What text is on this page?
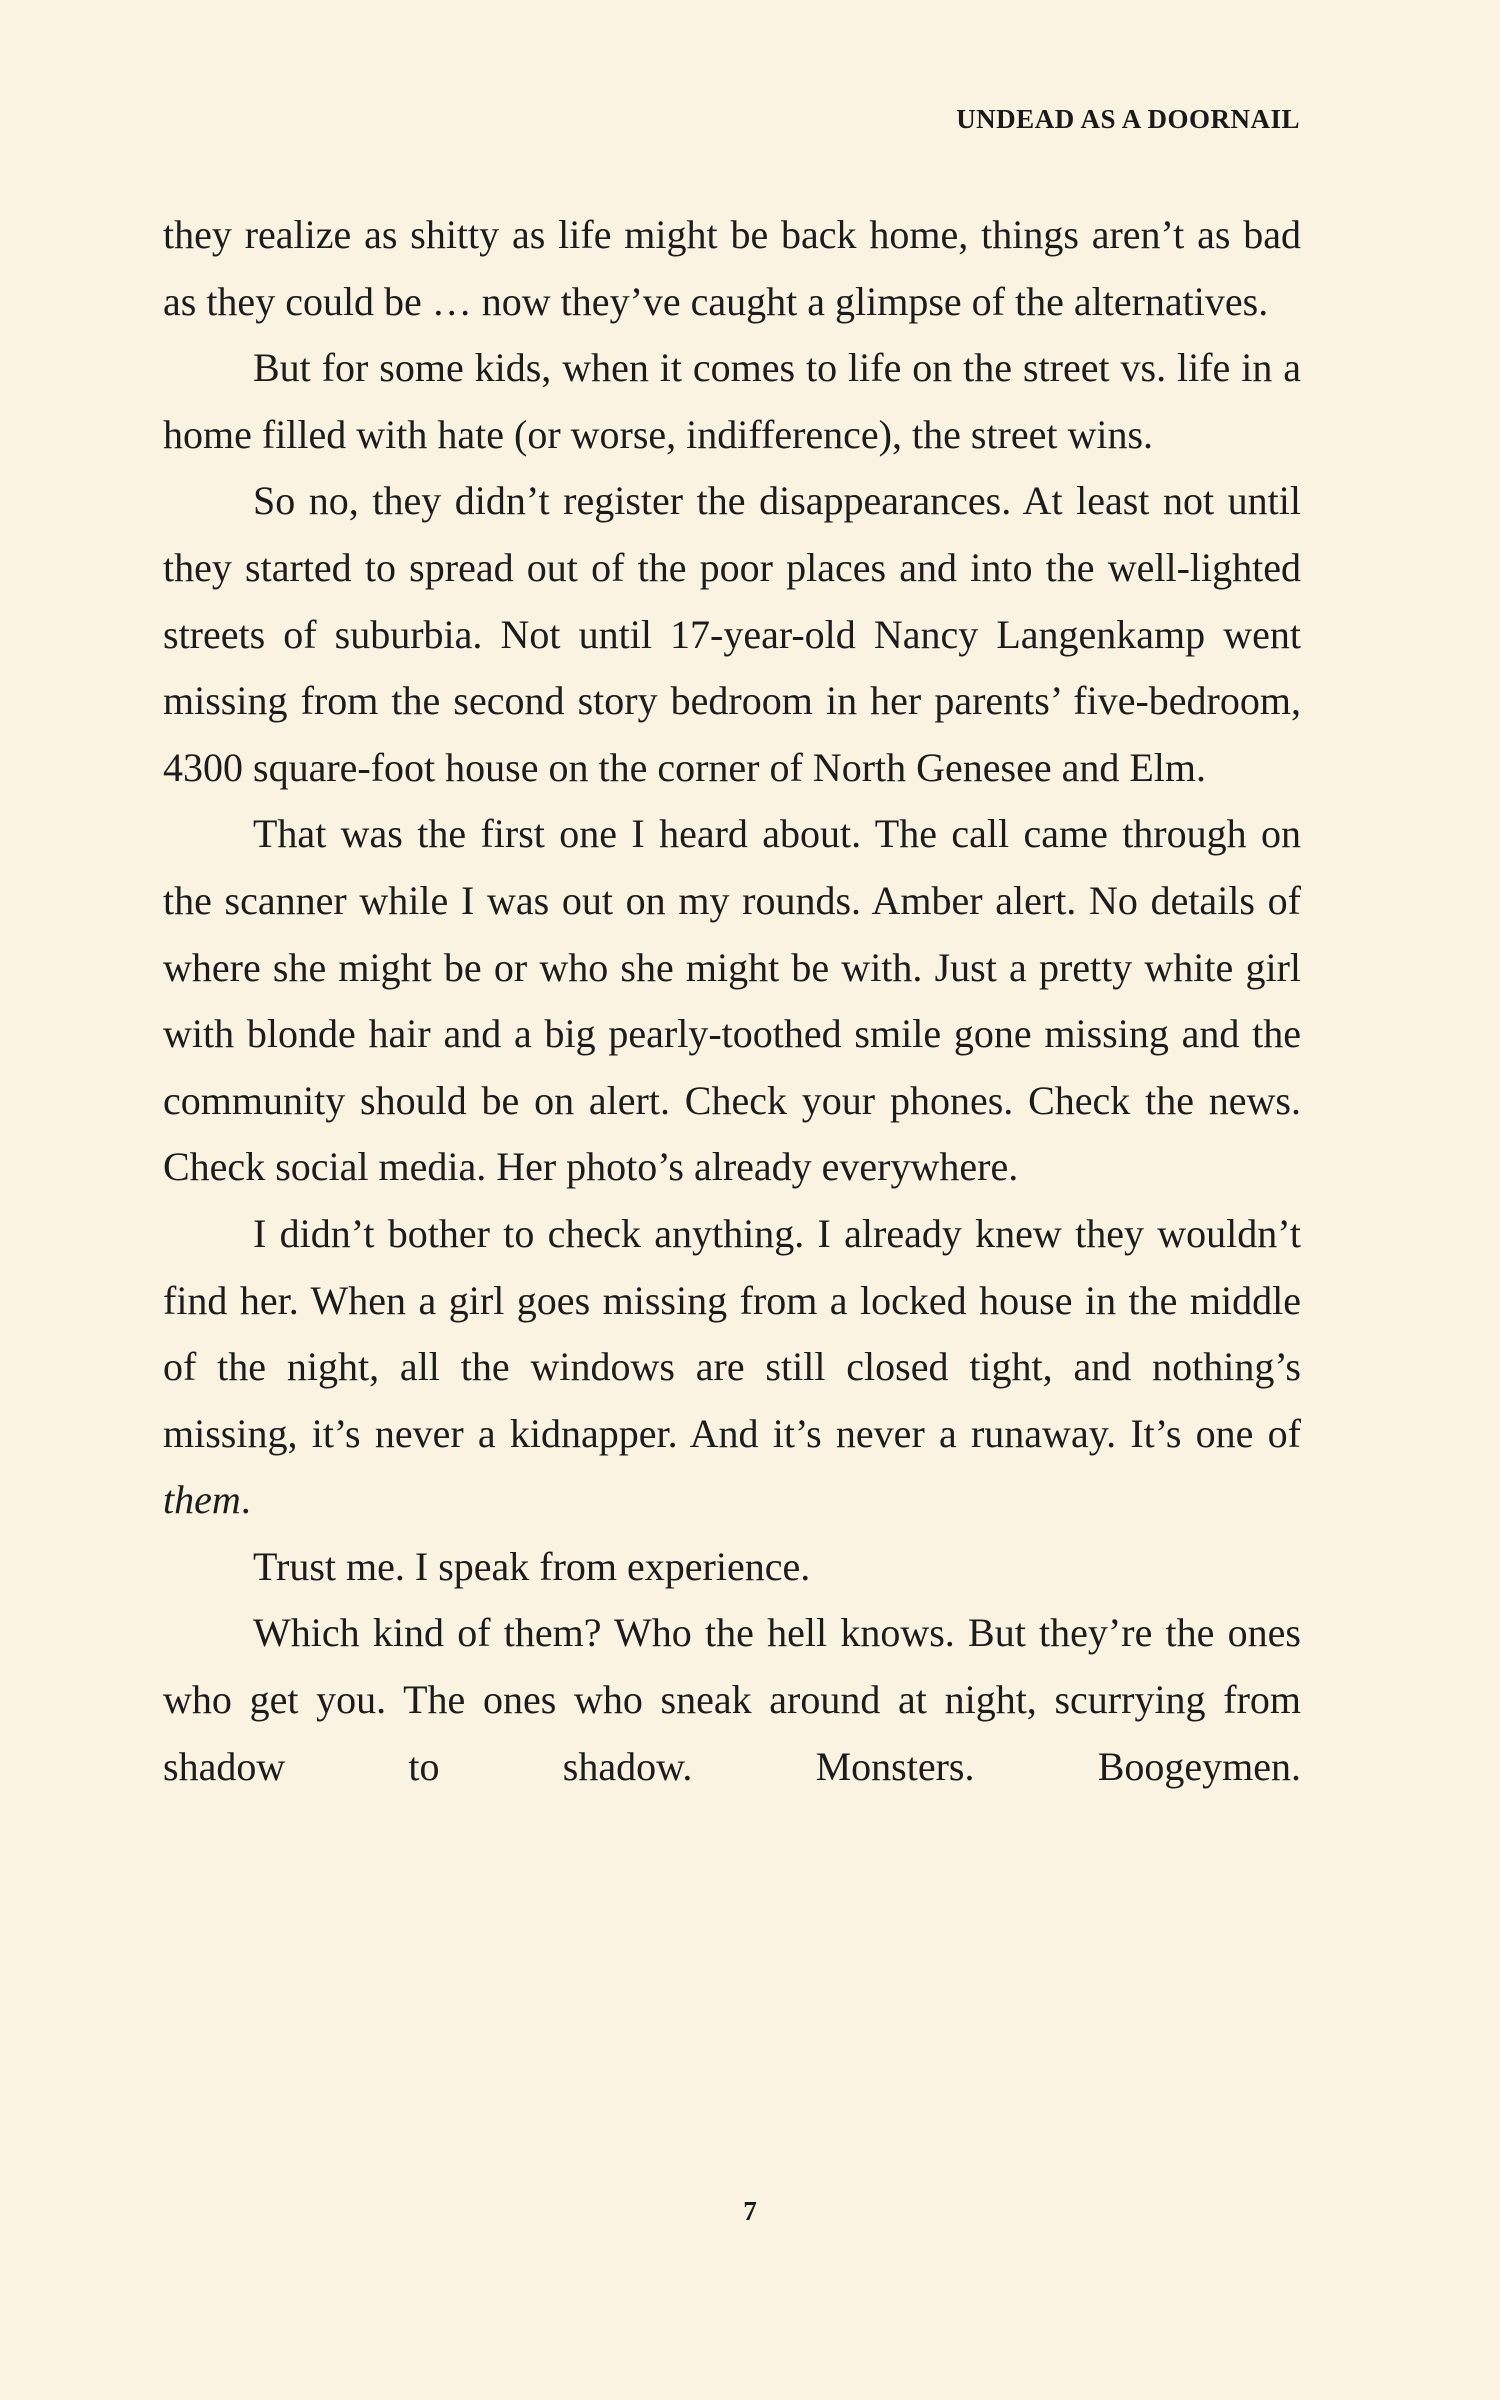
UNDEAD AS A DOORNAIL

they realize as shitty as life might be back home, things aren’t as bad as they could be … now they’ve caught a glimpse of the alternatives.

But for some kids, when it comes to life on the street vs. life in a home filled with hate (or worse, indifference), the street wins.

So no, they didn’t register the disappearances. At least not until they started to spread out of the poor places and into the well-lighted streets of suburbia. Not until 17-year-old Nancy Langenkamp went missing from the second story bedroom in her parents’ five-bedroom, 4300 square-foot house on the corner of North Genesee and Elm.

That was the first one I heard about. The call came through on the scanner while I was out on my rounds. Amber alert. No details of where she might be or who she might be with. Just a pretty white girl with blonde hair and a big pearly-toothed smile gone missing and the community should be on alert. Check your phones. Check the news. Check social media. Her photo’s already everywhere.

I didn’t bother to check anything. I already knew they wouldn’t find her. When a girl goes missing from a locked house in the middle of the night, all the windows are still closed tight, and nothing’s missing, it’s never a kidnapper. And it’s never a runaway. It’s one of them.

Trust me. I speak from experience.

Which kind of them? Who the hell knows. But they’re the ones who get you. The ones who sneak around at night, scurrying from shadow to shadow. Monsters. Boogeymen.

7
